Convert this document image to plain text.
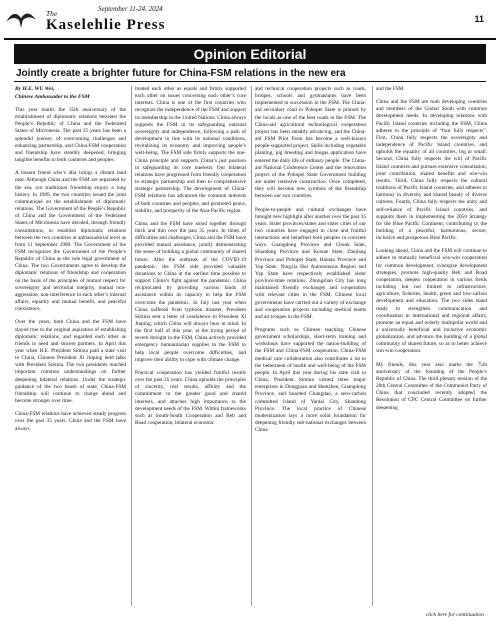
The	September 11-24, 2024
Kaselehlie Press	11
Opinion Editorial
Jointly create a brighter future for China-FSM relations in the new era
By H.E. WU Wei,
Chinese Ambassador to the FSM

This year marks the 35th anniversary of the establishment of diplomatic relations between the People’s Republic of China and the Federated States of Micronesia. The past 35 years has been a splendid journey of overcoming challenges and enhancing partnership, and China-FSM cooperation and friendship have steadily deepened, bringing tangible benefits to both countries and peoples.

A bosom friend who’s afar brings a distant land near. Although China and the FSM are separated by the sea, our traditional friendship enjoys a long history. In 1989, the two countries issued the joint communiqué on the establishment of diplomatic relations. The Government of the People’s Republic of China and the Government of the Federated States of Micronesia have decided, through friendly consultations, to establish diplomatic relations between the two countries at ambassadorial level as from 11 September 1989. The Government of the FSM recognizes the Government of the People’s Republic of China as the sole legal government of China. The two Governments agree to develop the diplomatic relations of friendship and cooperation on the basis of the principles of mutual respect for sovereignty and territorial integrity, mutual non-aggression, non-interference in each other’s internal affairs, equality and mutual benefit, and peaceful coexistence.

Over the years, both China and the FSM have stayed true to the original aspiration of establishing diplomatic relations, and regarded each other as friends in need and sincere partners. In April this year when H.E. President Simina paid a state visit to China, Chinese President Xi Jinping held talks with President Simina. The two presidents reached important common understandings on further deepening bilateral relations. Under the strategic guidance of the two heads of state, China-FSM friendship will continue to charge ahead and become stronger over time.

China-FSM relations have achieved steady progress over the past 35 years. China and the FSM have always

treated each other as equals and firmly supported each other on issues concerning each other’s core interests. China is one of the first countries who recognize the independence of the FSM and support its membership in the United Nations. China always supports the FSM in its safeguarding national sovereignty and independence, following a path of development in line with its national conditions, revitalizing its economy and improving people’s well-being. The FSM side firmly supports the one-China principle and supports China’s just position in safeguarding its core interests. Our bilateral relations have progressed from friendly cooperation to strategic partnership and then to comprehensive strategic partnership. The development of China-FSM relations has advanced the common interests of both countries and peoples, and promoted peace, stability, and prosperity of the Asia-Pacific region.

China and the FSM have stood together through thick and thin over the past 35 years. In times of difficulties and challenges, China and the FSM have provided mutual assistance, jointly demonstrating the sense of building a global community of shared future. After the outbreak of the COVID-19 pandemic, the FSM side provided valuable donations to China at the earliest time possible to support China’s fight against the pandemic. China reciprocated by providing various kinds of assistance within its capacity to help the FSM overcome the pandemic. In July last year when China suffered from typhoon disaster, President Simina sent a letter of condolence to President Xi Jinping, which China will always bear in mind. In the first half of this year, at the trying period of severe drought in the FSM, China actively provided emergency humanitarian supplies to the FSM to help local people overcome difficulties, and improve their ability to cope with climate change.

Practical cooperation has yielded fruitful results over the past 35 years. China upholds the principles of sincerity, real results, affinity and the commitment to the greater good and shared interests, and attaches high importance to the development needs of the FSM. Within frameworks such as South-South Cooperation and Belt and Road cooperation, bilateral economic

and technical cooperation projects such as roads, bridges, schools and gymnasiums have been implemented in succession in the FSM. The China-aid secondary road in Pohnpei State is praised by the locals as one of the best roads in the FSM. The China-aid agricultural technological cooperation project has been steadily advancing, and the China-aid FSM Pilot Farm has become a well-known people-supported project. Skills including vegetable planting, pig breeding and biogas application have entered the daily life of ordinary people. The China-aid National Conference Center and the renovation project of the Pohnpei State Government building are under intensive construction. Once completed, they will become new symbols of the friendship between our two countries.

People-to-people and cultural exchanges have brought new highlight after another over the past 35 years. Sister provinces/states and sister cities of our two countries have engaged in close and fruitful interactions and benefited both peoples in concrete ways. Guangdong Province and Chuuk State, Shandong Province and Kosrae State, Zhejiang Province and Pohnpei State, Hainan Province and Yap State, Ningxia Hui Autonomous Region and Yap State have respectively established sister province/state relations. Zhongshan City has long maintained friendly exchanges and cooperation with relevant cities in the FSM. Chinese local governments have carried out a variety of exchange and cooperation projects including medical teams and art troupes in the FSM.

Programs such as Chinese teaching, Chinese government scholarships, short-term training and workshops have supported the nation-building of the FSM and China-FSM cooperation. China-FSM medical care collaboration also contributes a lot to the betterment of health and well-being of the FSM people. In April this year during his state visit to China, President Simina visited three major enterprises in Dongguan and Shenzhen, Guangdong Province, and boarded Changdao, a zero-carbon committed island of Yantai City, Shandong Province. The local practice of Chinese modernization lays a more solid foundation for deepening friendly sub-national exchanges between China

and the FSM.

China and the FSM are both developing countries and members of the Global South with common development needs. In developing relations with Pacific Island countries including the FSM, China adheres to the principle of “four fully respects”. First, China fully respects the sovereignty and independence of Pacific Island countries, and upholds the equality of all countries, big or small. Second, China fully respects the will of Pacific Island countries and pursues extensive consultation, joint contribution, shared benefits and win-win results. Third, China fully respects the cultural traditions of Pacific Island countries, and adheres to harmony in diversity and shared beauty of diverse cultures. Fourth, China fully respects the unity and self-reliance of Pacific Island countries, and supports them in implementing the 2050 Strategy for the Blue Pacific Continent, contributing to the building of a peaceful, harmonious, secure, inclusive and prosperous Blue Pacific.

Looking ahead, China and the FSM will continue to adhere to mutually beneficial win-win cooperation for common development, synergize development strategies, promote high-quality Belt and Road cooperation, deepen cooperation in various fields including but not limited to infrastructure, agriculture, fisheries, health, green and low-carbon development and education. The two sides stand ready to strengthen communication and coordination in international and regional affairs, promote an equal and orderly multipolar world and a universally beneficial and inclusive economic globalization, and advance the building of a global community of shared future, so as to better achieve win-win cooperation.

My friends, this year also marks the 75th anniversary of the founding of the People’s Republic of China. The third plenary session of the 20th Central Committee of the Communist Party of China that concluded recently adopted the Resolution of CPC Central Committee on further deepening

click here for continuation
